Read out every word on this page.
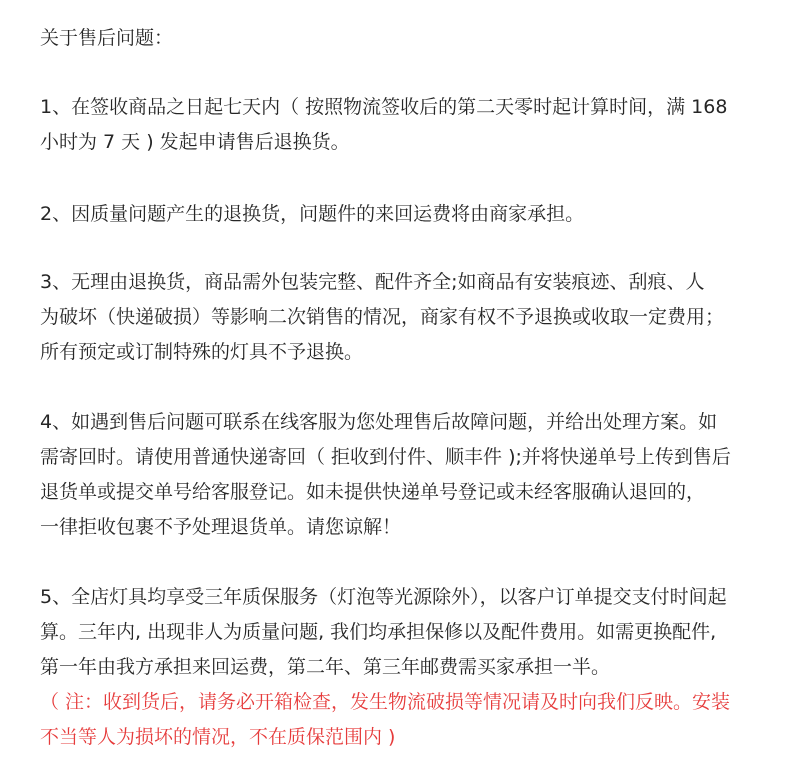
关于售后问题：
1、在签收商品之日起七天内（ 按照物流签收后的第二天零时起计算时间，满 168
小时为 7 天 ) 发起申请售后退换货。
2、因质量问题产生的退换货，问题件的来回运费将由商家承担。
3、无理由退换货，商品需外包装完整、配件齐全;如商品有安装痕迹、刮痕、人
为破坏（快递破损）等影响二次销售的情况，商家有权不予退换或收取一定费用；
所有预定或订制特殊的灯具不予退换。
4、如遇到售后问题可联系在线客服为您处理售后故障问题，并给出处理方案。如
需寄回时。请使用普通快递寄回（ 拒收到付件、顺丰件 );并将快递单号上传到售后
退货单或提交单号给客服登记。如未提供快递单号登记或未经客服确认退回的，
一律拒收包裹不予处理退货单。请您谅解！
5、全店灯具均享受三年质保服务（灯泡等光源除外），以客户订单提交支付时间起
算。三年内, 出现非人为质量问题, 我们均承担保修以及配件费用。如需更换配件,
第一年由我方承担来回运费，第二年、第三年邮费需买家承担一半。
（ 注：收到货后，请务必开箱检查，发生物流破损等情况请及时向我们反映。安装
不当等人为损坏的情况，不在质保范围内 )
